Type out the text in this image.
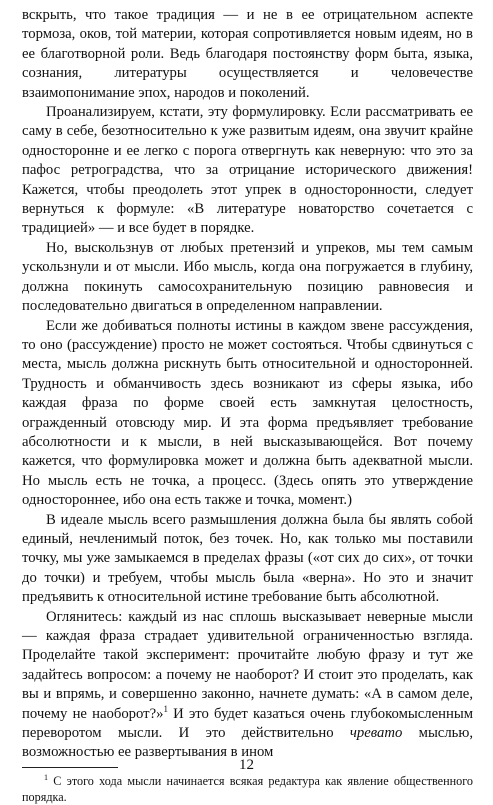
вскрыть, что такое традиция — и не в ее отрицательном аспекте тормоза, оков, той материи, которая сопротивляется новым идеям, но в ее благотворной роли. Ведь благодаря постоянству форм быта, языка, сознания, литературы осуществляется и человечестве взаимопонимание эпох, народов и поколений.

Проанализируем, кстати, эту формулировку. Если рассматривать ее саму в себе, безотносительно к уже развитым идеям, она звучит крайне односторонне и ее легко с порога отвергнуть как неверную: что это за пафос ретроградства, что за отрицание исторического движения! Кажется, чтобы преодолеть этот упрек в односторонности, следует вернуться к формуле: «В литературе новаторство сочетается с традицией» — и все будет в порядке.

Но, выскользнув от любых претензий и упреков, мы тем самым ускользнули и от мысли. Ибо мысль, когда она погружается в глубину, должна покинуть самосохранительную позицию равновесия и последовательно двигаться в определенном направлении.

Если же добиваться полноты истины в каждом звене рассуждения, то оно (рассуждение) просто не может состояться. Чтобы сдвинуться с места, мысль должна рискнуть быть относительной и односторонней. Трудность и обманчивость здесь возникают из сферы языка, ибо каждая фраза по форме своей есть замкнутая целостность, огражденный отовсюду мир. И эта форма предъявляет требование абсолютности и к мысли, в ней высказывающейся. Вот почему кажется, что формулировка может и должна быть адекватной мысли. Но мысль есть не точка, а процесс. (Здесь опять это утверждение одностороннее, ибо она есть также и точка, момент.)

В идеале мысль всего размышления должна была бы являть собой единый, нечленимый поток, без точек. Но, как только мы поставили точку, мы уже замыкаемся в пределах фразы («от сих до сих», от точки до точки) и требуем, чтобы мысль была «верна». Но это и значит предъявить к относительной истине требование быть абсолютной.

Оглянитесь: каждый из нас сплошь высказывает неверные мысли — каждая фраза страдает удивительной ограниченностью взгляда. Проделайте такой эксперимент: прочитайте любую фразу и тут же задайтесь вопросом: а почему не наоборот? И стоит это проделать, как вы и впрямь, и совершенно законно, начнете думать: «А в самом деле, почему не наоборот?»$^1$ И это будет казаться очень глубокомысленным переворотом мысли. И это действительно чревато мыслью, возможностью ее развертывания в ином

$^1$ С этого хода мысли начинается всякая редактура как явление общественного порядка.

12
